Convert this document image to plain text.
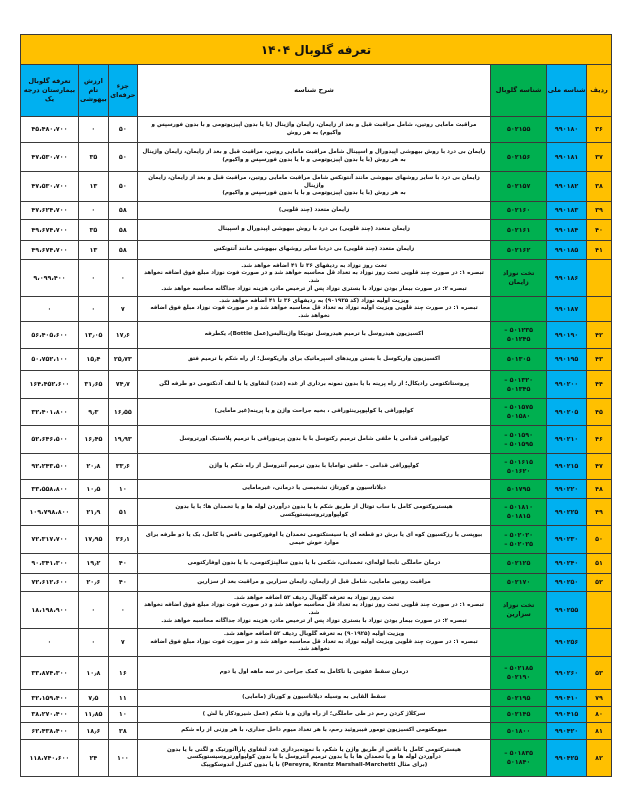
تعرفه گلوبال ۱۴۰۴
ردیف
شناسه ملی
شناسه گلوبال
شرح شناسه
جزء حرفه‌ای
ارزش تام بیهوشی
تعرفه گلوبال بیمارستان درجه یک
۳۶
۹۹۰۱۸۰
۵۰۲۱۵۵
مراقبت مامایی روتین، شامل مراقبت قبل و بعد از زایمان، زایمان واژینال (با یا بدون اپیزیوتومی و با بدون فورسپس و واکیوم) به هر روش
۵۰
۰
۴۵،۴۸۰،۷۰۰
۳۷
۹۹۰۱۸۱
۵۰۲۱۵۶
زایمان بی درد با روش بیهوشی اپیدورال و اسپینال شامل مراقبت مامایی روتین، مراقبت قبل و بعد از زایمان، زایمان واژینال
به هر روش (با یا بدون اپیزیوتومی و با یا بدون فورسپس و واکیوم)
۵۰
۳۵
۴۷،۵۳۰،۷۰۰
۳۸
۹۹۰۱۸۲
۵۰۲۱۵۷
زایمان بی درد با سایر روشهای بیهوشی مانند آنتونکس شامل مراقبت مامایی روتین، مراقبت قبل و بعد از زایمان، زایمان واژینال
به هر روش (با یا بدون اپیزیوتومی و با یا بدون فورسپس و واکیوم)
۵۰
۱۳
۴۷،۵۳۰،۷۰۰
۳۹
۹۹۰۱۸۳
۵۰۲۱۶۰
زایمان متعدد (چند قلویی)
۵۸
۰
۴۷،۶۲۴،۷۰۰
۴۰
۹۹۰۱۸۴
۵۰۲۱۶۱
زایمان متعدد (چند قلویی) بی درد با روش بیهوشی اپیدورال و اسپینال
۵۸
۳۵
۴۹،۶۷۴،۷۰۰
۴۱
۹۹۰۱۸۵
۵۰۲۱۶۲
زایمان متعدد (چند قلویی) بی دردبا سایر روشهای بیهوشی مانند آنتونکس
۵۸
۱۳
۴۹،۶۷۴،۷۰۰
۹۹۰۱۸۶
تخت نوزاد
زایمان
تخت روز نوزاد به ردیفهای ۳۶ تا ۴۱ اضافه خواهد شد.
تبصره ۱: در صورت چند قلویی تخت روز نوزاد به تعداد قل محاسبه خواهد شد و در صورت فوت نوزاد مبلغ فوق اضافه نخواهد شد.
تبصره ۲: در صورت بیمار بودن نوزاد با بستری نوزاد پس از ترخیص مادر، هزینه نوزاد جداگانه محاسبه خواهد شد.
۰
۰
۹،۰۹۹،۴۰۰
۹۹۰۱۸۷
ویزیت اولیه نوزاد (کد ۹۰۱۹۲۵) به ردیفهای ۳۶ تا ۴۱ اضافه خواهد شد.
تبصره ۱: در صورت چند قلویی ویزیت اولیه نوزاد به تعداد قل محاسبه خواهد شد و در صورت فوت نوزاد مبلغ فوق اضافه نخواهد شد.
۷
۰
۰
۴۲
۹۹۰۱۹۰
۵۰۱۲۳۵ –
۵۰۱۲۴۵
اکسیزیون هیدروسل با ترمیم هیدروسل تونیکا واژینالیس(عمل Bottle)، یکطرفه
۱۷٫۶
۱۳٫۰۵
۵۶،۴۰۵،۶۰۰
۴۳
۹۹۰۱۹۵
۵۰۱۳۰۵
اکسیزیون واریکوسل با بستن وریدهای اسپرماتیک برای واریکوسل؛ از راه شکم یا ترمیم فتق
۲۵٫۷۳
۱۵٫۴
۵۰،۷۵۲،۱۰۰
۴۴
۹۹۰۲۰۰
۵۰۱۳۲۰ –
۵۰۱۳۴۵
پروستاتکتومی رادیکال؛ از راه پرینه با یا بدون نمونه برداری از غده (غدد) لنفاوی یا با لنف آدنکتومی دو طرفه لگن
۷۴٫۷
۳۱٫۶۵
۱۶۴،۴۵۲،۶۰۰
۴۵
۹۹۰۲۰۵
۵۰۱۵۷۵ –
۵۰۱۵۸۰
کولپورافی یا کولپوپرینئورافی ، بخیه جراحت واژن و یا پرینه(غیر مامایی)
۱۶٫۵۵
۹٫۳
۳۲،۴۰۱،۸۰۰
۴۶
۹۹۰۲۱۰
۵۰۱۵۹۰ –
۵۰۱۵۹۵ –
کولپورافی قدامی یا خلفی شامل ترمیم رکتوسل با یا بدون پرینورافی با ترمیم پلاستیک اورتروسل
۱۹٫۹۳
۱۶٫۴۵
۵۲،۶۴۶،۵۰۰
۴۷
۹۹۰۲۱۵
۵۰۱۶۱۵ –
۵۰۱۶۲۰
کولپورافی قدامی – خلفی توامایا با بدون ترمیم آنتروسل از راه شکم یا واژن
۳۳٫۶
۲۰٫۸
۹۲،۲۴۳،۵۰۰
۴۸
۹۹۰۲۲۰
۵۰۱۷۹۵
دیلاتاسیون و کورتاژ، تشخیصی یا درمانی، غیرمامایی
۱۰
۱۰٫۵
۳۳،۵۵۸،۸۰۰
۴۹
۹۹۰۲۲۵
۵۰۱۸۱۰ –
۵۰۱۸۱۵
هیستروکتومی کامل با ساب توتال از طریق شکم با یا بدون درآوردن لوله ها و یا تخمدان ها؛ با یا بدون کولپواورتروسیستوپکسی
۵۱
۲۱٫۹
۱۰۹،۷۹۸،۸۰۰
۵۰
۹۹۰۲۳۰
۵۰۲۰۲۰ –
۵۰۲۰۲۵ –
بیوپسی یا رزکسیون کوه ای یا برش دو قطعه ای یا سیستکتومی تخمدان یا اوفورکتومی ناقص یا کامل، یک یا دو طرفه برای موارد خوش خیمی
۲۶٫۱
۱۷٫۹۵
۷۲،۳۱۷،۷۰۰
۵۱
۹۹۰۲۴۰
۵۰۲۱۲۵
درمان حاملگی نابجا لوله‌ای، تخمدانی، شکمی با یا بدون سالپنژکتومی، با یا بدون اوفارکتومی
۴۰
۱۹٫۲
۹۰،۳۴۱،۳۰۰
۵۲
۹۹۰۲۵۰
۵۰۲۱۷۰
مراقبت روتین مامایی، شامل قبل از زایمان، زایمان سزارین و مراقبت بعد از سزارین
۴۰
۲۰٫۶
۷۲،۶۱۲،۶۰۰
۹۹۰۲۵۵
تخت نوزاد
سزارین
تخت روز نوزاد به تعرفه گلوبال ردیف ۵۲ اضافه خواهد شد.
تبصره ۱: در صورت چند قلویی تخت روز نوزاد به تعداد قل محاسبه خواهد شد و در صورت فوت نوزاد مبلغ فوق اضافه نخواهد شد.
تبصره ۲: در صورت بیمار بودن نوزاد با بستری نوزاد پس از ترخیص مادر، هزینه نوزاد جداگانه محاسبه خواهد شد.
۰
۰
۱۸،۱۹۸،۹۰۰
۹۹۰۲۵۶
ویزیت اولیه (۹۰۱۹۲۵) به تعرفه گلوبال ردیف ۵۲ اضافه خواهد شد.
تبصره ۱: در صورت چند قلویی ویزیت اولیه نوزاد به تعداد قل محاسبه خواهد شد و در صورت فوت نوزاد مبلغ فوق اضافه نخواهد شد.
۷
۰
۰
۵۳
۹۹۰۲۶۰
۵۰۲۱۸۵ –
۵۰۲۱۹۰
درمان سقط عفونی یا ناکامل به کمک جراحی در سه ماهه اول یا دوم
۱۶
۱۰٫۸
۳۳،۸۷۴،۳۰۰
۷۹
۹۹۰۴۱۰
۵۰۲۱۹۵
سقط القایی به وسیله دیلاتاسیون و کورتاژ (مامایی)
۱۱
۷٫۵
۳۲،۱۵۹،۴۰۰
۸۰
۹۹۰۴۱۵
۵۰۲۱۴۵
سرکلاژ کردن رحم در طی حاملگی؛ از راه واژن و یا شکم (عمل شیرودکار یا لش )
۱۰
۱۱٫۸۵
۳۸،۲۷۰،۴۰۰
۸۱
۹۹۰۴۲۰
۵۰۱۸۰۰
میومکتومی اکسیزیون تومور فیبروئید رحم، با هر تعداد میوم داخل جداری، با هر وزنی از راه شکم
۳۸
۱۸٫۶
۶۲،۴۳۸،۴۰۰
۸۲
۹۹۰۴۲۵
۵۰۱۸۳۵ –
۵۰۱۸۴۰
هیسترکتومی کامل یا ناقص از طریق واژن یا شکم، با نمونه‌برداری غدد لنفاوی پاراآئورتیک و لگنی با یا بدون
درآوردن لوله ها و یا تخمدان ها با یا بدون ترمیم آنتروسل با یا بدون کولپواورتروسیستوپکسی
(برای مثال Pereyra, Krantz Marshall-Marchetti) با یا بدون کنترل اندوسکوپیک
۱۰۰
۲۴
۱۱۸،۷۴۰،۶۰۰
